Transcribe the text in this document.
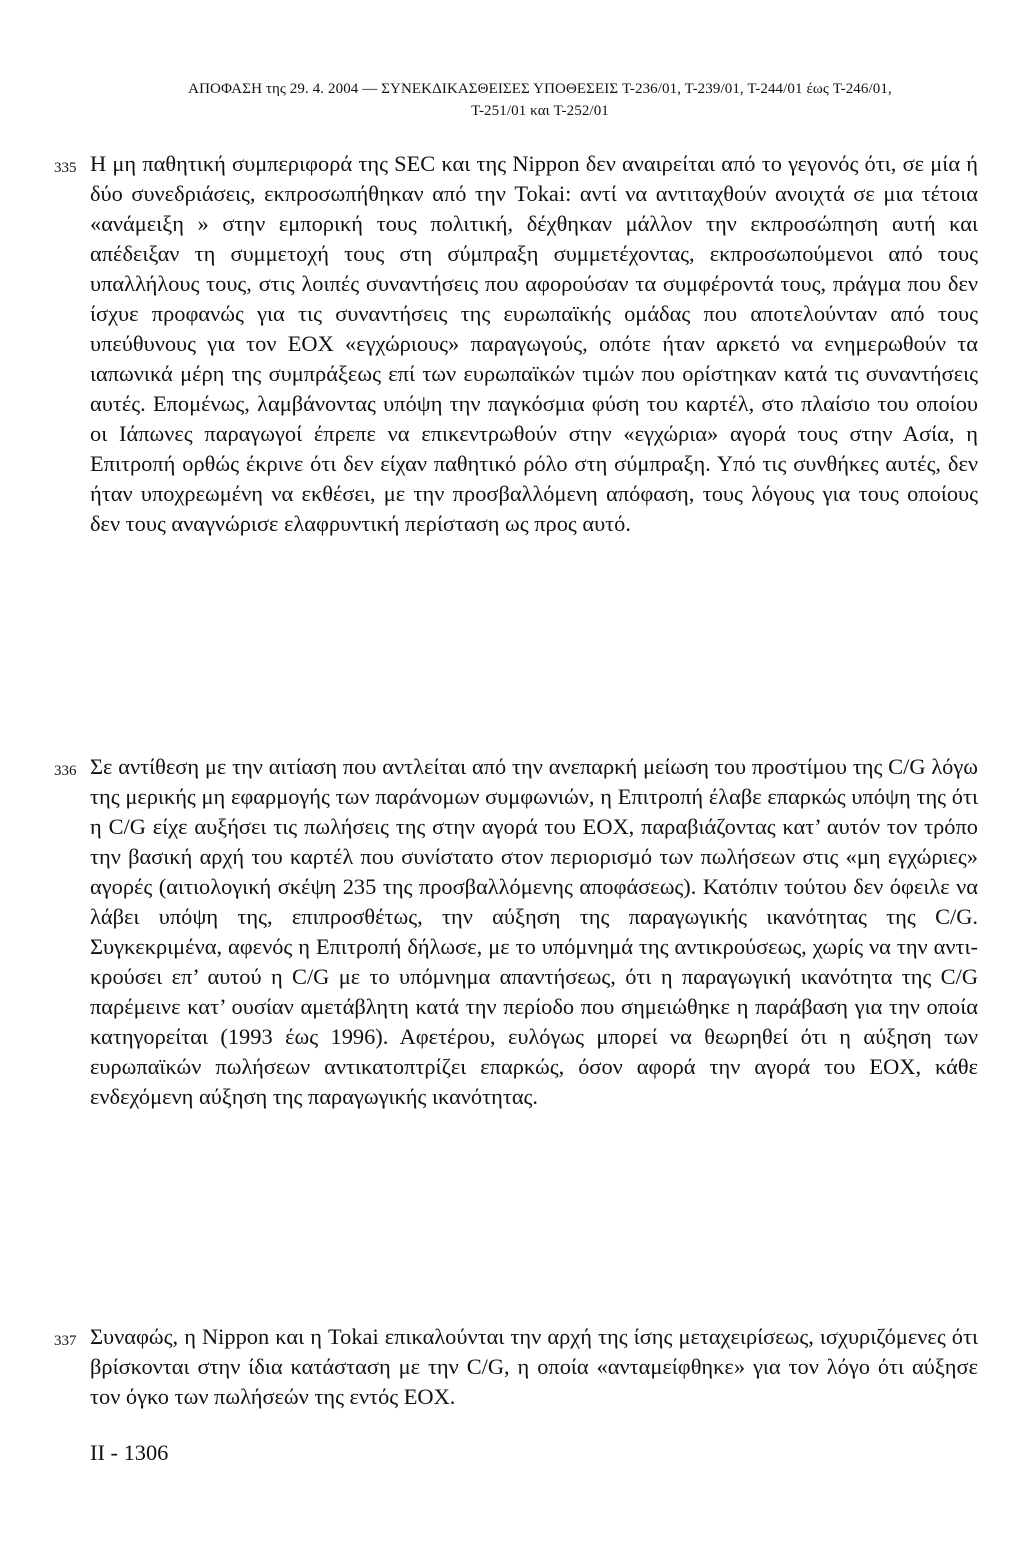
ΑΠΟΦΑΣΗ της 29. 4. 2004 — ΣΥΝΕΚΔΙΚΑΣΘΕΙΣΕΣ ΥΠΟΘΕΣΕΙΣ T-236/01, T-239/01, T-244/01 έως T-246/01,
T-251/01 και T-252/01
335 Η μη παθητική συμπεριφορά της SEC και της Nippon δεν αναιρείται από το γεγονός ότι, σε μία ή δύο συνεδριάσεις, εκπροσωπήθηκαν από την Tokai: αντί να αντιταχθούν ανοιχτά σε μια τέτοια «ανάμειξη » στην εμπορική τους πολιτική, δέχθηκαν μάλλον την εκπροσώπηση αυτή και απέδειξαν τη συμμετοχή τους στη σύμπραξη συμμετέχοντας, εκπροσωπούμενοι από τους υπαλλήλους τους, στις λοιπές συναντήσεις που αφορούσαν τα συμφέροντά τους, πράγμα που δεν ίσχυε προφανώς για τις συναντήσεις της ευρωπαϊκής ομάδας που αποτελούνταν από τους υπεύθυνους για τον ΕΟΧ «εγχώριους» παραγωγούς, οπότε ήταν αρκετό να ενημερωθούν τα ιαπωνικά μέρη της συμπράξεως επί των ευρωπαϊκών τιμών που ορίστηκαν κατά τις συναντήσεις αυτές. Επομένως, λαμβάνοντας υπόψη την παγκόσμια φύση του καρτέλ, στο πλαίσιο του οποίου οι Ιάπωνες παραγωγοί έπρεπε να επικεντρωθούν στην «εγχώρια» αγορά τους στην Ασία, η Επιτροπή ορθώς έκρινε ότι δεν είχαν παθητικό ρόλο στη σύμπραξη. Υπό τις συνθήκες αυτές, δεν ήταν υποχρεωμένη να εκθέσει, με την προσβαλλόμενη απόφαση, τους λόγους για τους οποίους δεν τους αναγνώρισε ελαφρυντική περίσταση ως προς αυτό.

336 Σε αντίθεση με την αιτίαση που αντλείται από την ανεπαρκή μείωση του προστίμου της C/G λόγω της μερικής μη εφαρμογής των παράνομων συμφωνιών, η Επιτροπή έλαβε επαρκώς υπόψη της ότι η C/G είχε αυξήσει τις πωλήσεις της στην αγορά του ΕΟΧ, παραβιάζοντας κατ’ αυτόν τον τρόπο την βασική αρχή του καρτέλ που συνίστατο στον περιορισμό των πωλήσεων στις «μη εγχώριες» αγορές (αιτιολογική σκέψη 235 της προσβαλλόμενης αποφάσεως). Κατόπιν τούτου δεν όφειλε να λάβει υπόψη της, επιπροσθέτως, την αύξηση της παραγωγικής ικανότητας της C/G. Συγκεκριμένα, αφενός η Επιτροπή δήλωσε, με το υπόμνημά της αντικρούσεως, χωρίς να την αντικρούσει επ’ αυτού η C/G με το υπόμνημα απαντήσεως, ότι η παραγωγική ικανότητα της C/G παρέμεινε κατ’ ουσίαν αμετάβλητη κατά την περίοδο που σημειώθηκε η παράβαση για την οποία κατηγορείται (1993 έως 1996). Αφετέρου, ευλόγως μπορεί να θεωρηθεί ότι η αύξηση των ευρωπαϊκών πωλήσεων αντικατοπτρίζει επαρκώς, όσον αφορά την αγορά του ΕΟΧ, κάθε ενδεχόμενη αύξηση της παραγωγικής ικανότητας.

337 Συναφώς, η Nippon και η Tokai επικαλούνται την αρχή της ίσης μεταχειρίσεως, ισχυριζόμενες ότι βρίσκονται στην ίδια κατάσταση με την C/G, η οποία «ανταμείφθηκε» για τον λόγο ότι αύξησε τον όγκο των πωλήσεών της εντός ΕΟΧ.

II - 1306
